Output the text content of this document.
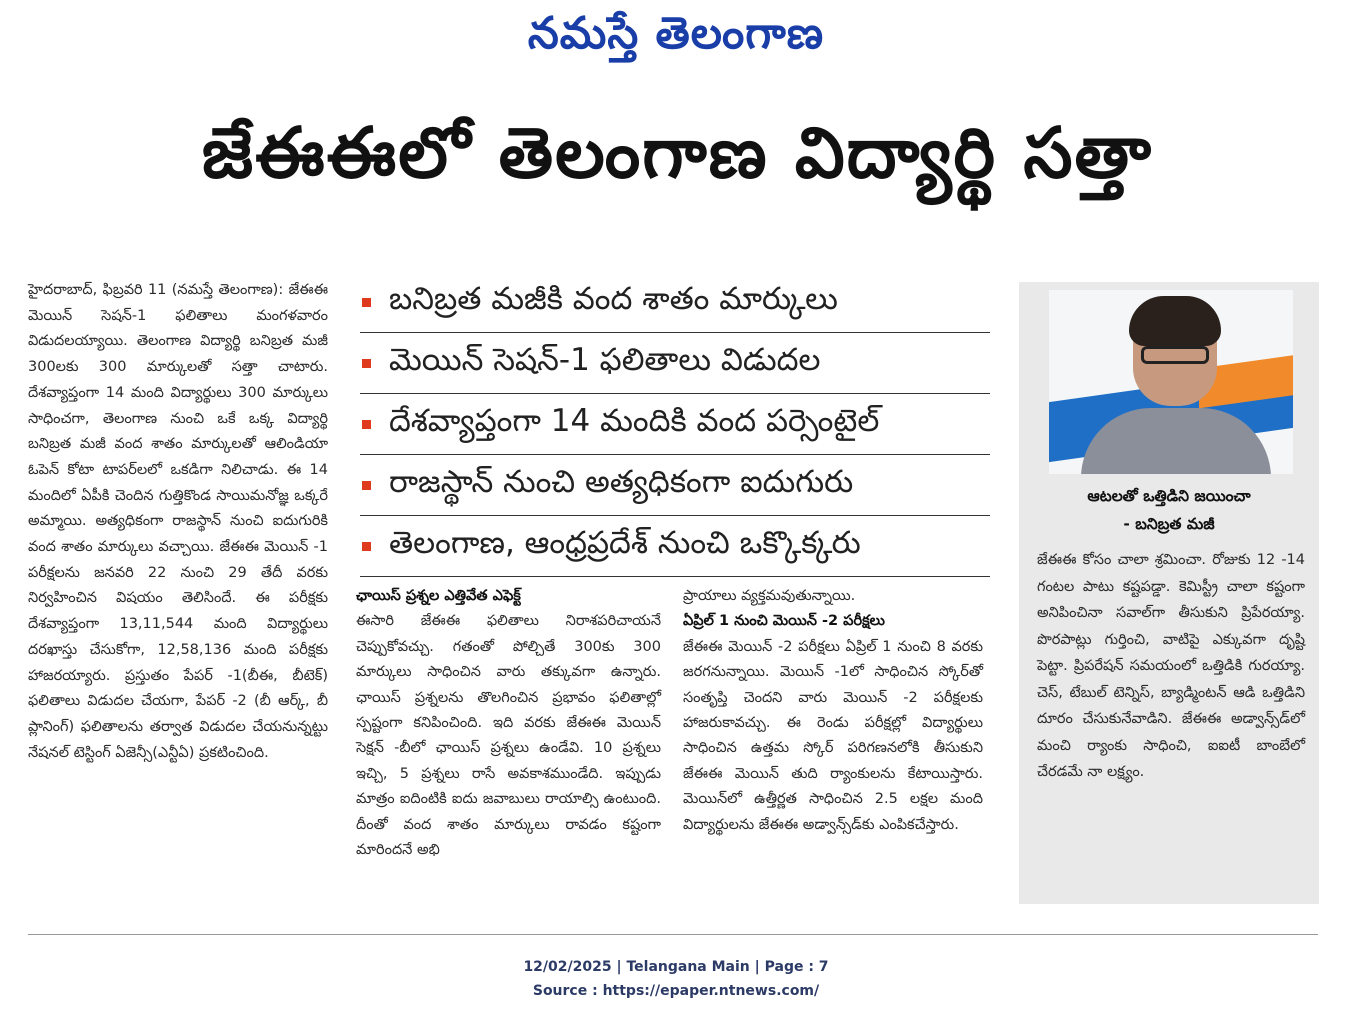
నమస్తే తెలంగాణ
జేఈఈలో తెలంగాణ విద్యార్థి సత్తా
హైదరాబాద్, ఫిబ్రవరి 11 (నమస్తే తెలంగాణ): జేఈఈ మెయిన్ సెషన్-1 ఫలితాలు మంగళవారం విడుదలయ్యాయి. తెలంగాణ విద్యార్థి బనిబ్రత మజీ 300లకు 300 మార్కులతో సత్తా చాటారు. దేశవ్యాప్తంగా 14 మంది విద్యార్థులు 300 మార్కులు సాధించగా, తెలంగాణ నుంచి ఒకే ఒక్క విద్యార్థి బనిబ్రత మజీ వంద శాతం మార్కులతో ఆలిండియా ఓపెన్ కోటా టాపర్‌లలో ఒకడిగా నిలిచాడు. ఈ 14 మందిలో ఏపీకి చెందిన గుత్తికొండ సాయిమనోజ్ఞ ఒక్కరే అమ్మాయి. అత్యధికంగా రాజస్థాన్ నుంచి ఐదుగురికి వంద శాతం మార్కులు వచ్చాయి. జేఈఈ మెయిన్ -1 పరీక్షలను జనవరి 22 నుంచి 29 తేదీ వరకు నిర్వహించిన విషయం తెలిసిందే. ఈ పరీక్షకు దేశవ్యాప్తంగా 13,11,544 మంది విద్యార్థులు దరఖాస్తు చేసుకోగా, 12,58,136 మంది పరీక్షకు హాజరయ్యారు. ప్రస్తుతం పేపర్ -1(బీఈ, బీటెక్) ఫలితాలు విడుదల చేయగా, పేపర్ -2 (బీ ఆర్క్, బీ ప్లానింగ్) ఫలితాలను తర్వాత విడుదల చేయనున్నట్టు నేషనల్ టెస్టింగ్ ఏజెన్సీ(ఎన్టీఏ) ప్రకటించింది.
బనిబ్రత మజీకి వంద శాతం మార్కులు
మెయిన్ సెషన్-1 ఫలితాలు విడుదల
దేశవ్యాప్తంగా 14 మందికి వంద పర్సెంటైల్
రాజస్థాన్ నుంచి అత్యధికంగా ఐదుగురు
తెలంగాణ, ఆంధ్రప్రదేశ్ నుంచి ఒక్కొక్కరు
ఛాయిస్ ప్రశ్నల ఎత్తివేత ఎఫెక్ట్
ఈసారి జేఈఈ ఫలితాలు నిరాశపరిచాయనే చెప్పుకోవచ్చు. గతంతో పోల్చితే 300కు 300 మార్కులు సాధించిన వారు తక్కువగా ఉన్నారు. ఛాయిస్ ప్రశ్నలను తొలగించిన ప్రభావం ఫలితాల్లో స్పష్టంగా కనిపించింది. ఇది వరకు జేఈఈ మెయిన్ సెక్షన్ -బీలో ఛాయిస్ ప్రశ్నలు ఉండేవి. 10 ప్రశ్నలు ఇచ్చి, 5 ప్రశ్నలు రాసే అవకాశముండేది. ఇప్పుడు మాత్రం ఐదింటికి ఐదు జవాబులు రాయాల్సి ఉంటుంది. దీంతో వంద శాతం మార్కులు రావడం కష్టంగా మారిందనే అభి
ప్రాయాలు వ్యక్తమవుతున్నాయి.
ఏప్రిల్ 1 నుంచి మెయిన్ -2 పరీక్షలు
జేఈఈ మెయిన్ -2 పరీక్షలు ఏప్రిల్ 1 నుంచి 8 వరకు జరగనున్నాయి. మెయిన్ -1లో సాధించిన స్కోర్‌తో సంతృప్తి చెందని వారు మెయిన్ -2 పరీక్షలకు హాజరుకావచ్చు. ఈ రెండు పరీక్షల్లో విద్యార్థులు సాధించిన ఉత్తమ స్కోర్ పరిగణనలోకి తీసుకుని జేఈఈ మెయిన్ తుది ర్యాంకులను కేటాయిస్తారు. మెయిన్‌లో ఉత్తీర్ణత సాధించిన 2.5 లక్షల మంది విద్యార్థులను జేఈఈ అడ్వాన్స్‌డ్‌కు ఎంపికచేస్తారు.
ఆటలతో ఒత్తిడిని జయించా
- బనిబ్రత మజీ
జేఈఈ కోసం చాలా శ్రమించా. రోజుకు 12 -14 గంటల పాటు కష్టపడ్డా. కెమిస్ట్రీ చాలా కష్టంగా అనిపించినా సవాల్‌గా తీసుకుని ప్రిపేరయ్యా. పొరపాట్లు గుర్తించి, వాటిపై ఎక్కువగా దృష్టి పెట్టా. ప్రిపరేషన్ సమయంలో ఒత్తిడికి గురయ్యా. చెస్, టేబుల్ టెన్నిస్, బ్యాడ్మింటన్ ఆడి ఒత్తిడిని దూరం చేసుకునేవాడిని. జేఈఈ అడ్వాన్స్‌డ్‌లో మంచి ర్యాంకు సాధించి, ఐఐటీ బాంబేలో చేరడమే నా లక్ష్యం.
12/02/2025 | Telangana Main | Page : 7
Source : https://epaper.ntnews.com/
